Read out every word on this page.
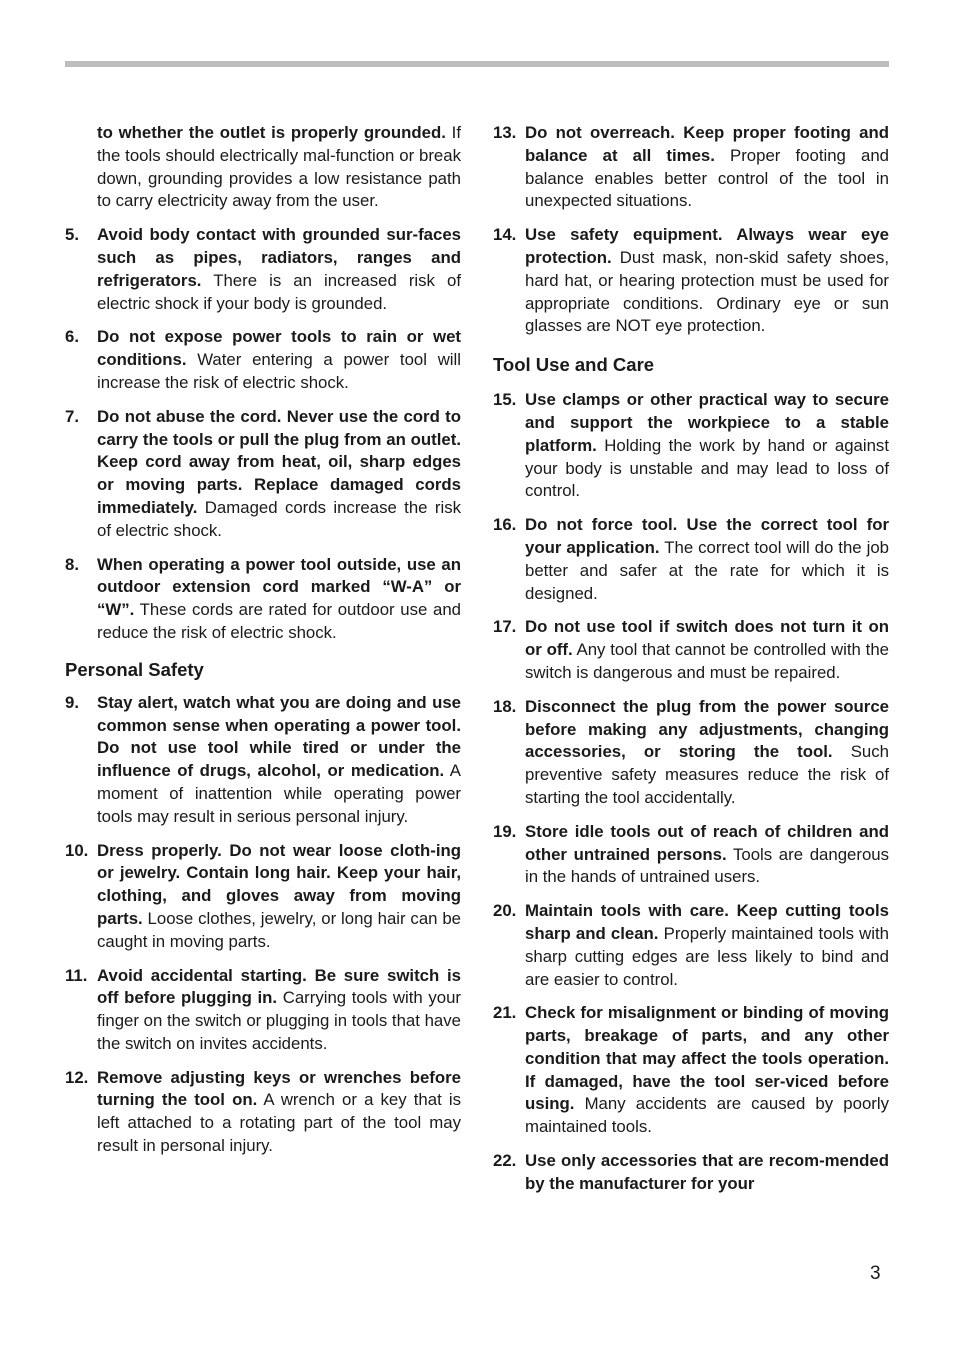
to whether the outlet is properly grounded. If the tools should electrically mal-function or break down, grounding provides a low resistance path to carry electricity away from the user.
5.	Avoid body contact with grounded sur-faces such as pipes, radiators, ranges and refrigerators. There is an increased risk of electric shock if your body is grounded.
6.	Do not expose power tools to rain or wet conditions. Water entering a power tool will increase the risk of electric shock.
7.	Do not abuse the cord. Never use the cord to carry the tools or pull the plug from an outlet. Keep cord away from heat, oil, sharp edges or moving parts. Replace damaged cords immediately. Damaged cords increase the risk of electric shock.
8.	When operating a power tool outside, use an outdoor extension cord marked “W-A” or “W”. These cords are rated for outdoor use and reduce the risk of electric shock.
Personal Safety
9.	Stay alert, watch what you are doing and use common sense when operating a power tool. Do not use tool while tired or under the influence of drugs, alcohol, or medication. A moment of inattention while operating power tools may result in serious personal injury.
10. Dress properly. Do not wear loose cloth-ing or jewelry. Contain long hair. Keep your hair, clothing, and gloves away from moving parts. Loose clothes, jewelry, or long hair can be caught in moving parts.
11. Avoid accidental starting. Be sure switch is off before plugging in. Carrying tools with your finger on the switch or plugging in tools that have the switch on invites accidents.
12. Remove adjusting keys or wrenches before turning the tool on. A wrench or a key that is left attached to a rotating part of the tool may result in personal injury.
13. Do not overreach. Keep proper footing and balance at all times. Proper footing and balance enables better control of the tool in unexpected situations.
14. Use safety equipment. Always wear eye protection. Dust mask, non-skid safety shoes, hard hat, or hearing protection must be used for appropriate conditions. Ordinary eye or sun glasses are NOT eye protection.
Tool Use and Care
15. Use clamps or other practical way to secure and support the workpiece to a stable platform. Holding the work by hand or against your body is unstable and may lead to loss of control.
16. Do not force tool. Use the correct tool for your application. The correct tool will do the job better and safer at the rate for which it is designed.
17. Do not use tool if switch does not turn it on or off. Any tool that cannot be controlled with the switch is dangerous and must be repaired.
18. Disconnect the plug from the power source before making any adjustments, changing accessories, or storing the tool. Such preventive safety measures reduce the risk of starting the tool accidentally.
19. Store idle tools out of reach of children and other untrained persons. Tools are dangerous in the hands of untrained users.
20. Maintain tools with care. Keep cutting tools sharp and clean. Properly maintained tools with sharp cutting edges are less likely to bind and are easier to control.
21. Check for misalignment or binding of moving parts, breakage of parts, and any other condition that may affect the tools operation. If damaged, have the tool ser-viced before using. Many accidents are caused by poorly maintained tools.
22. Use only accessories that are recom-mended by the manufacturer for your
3
